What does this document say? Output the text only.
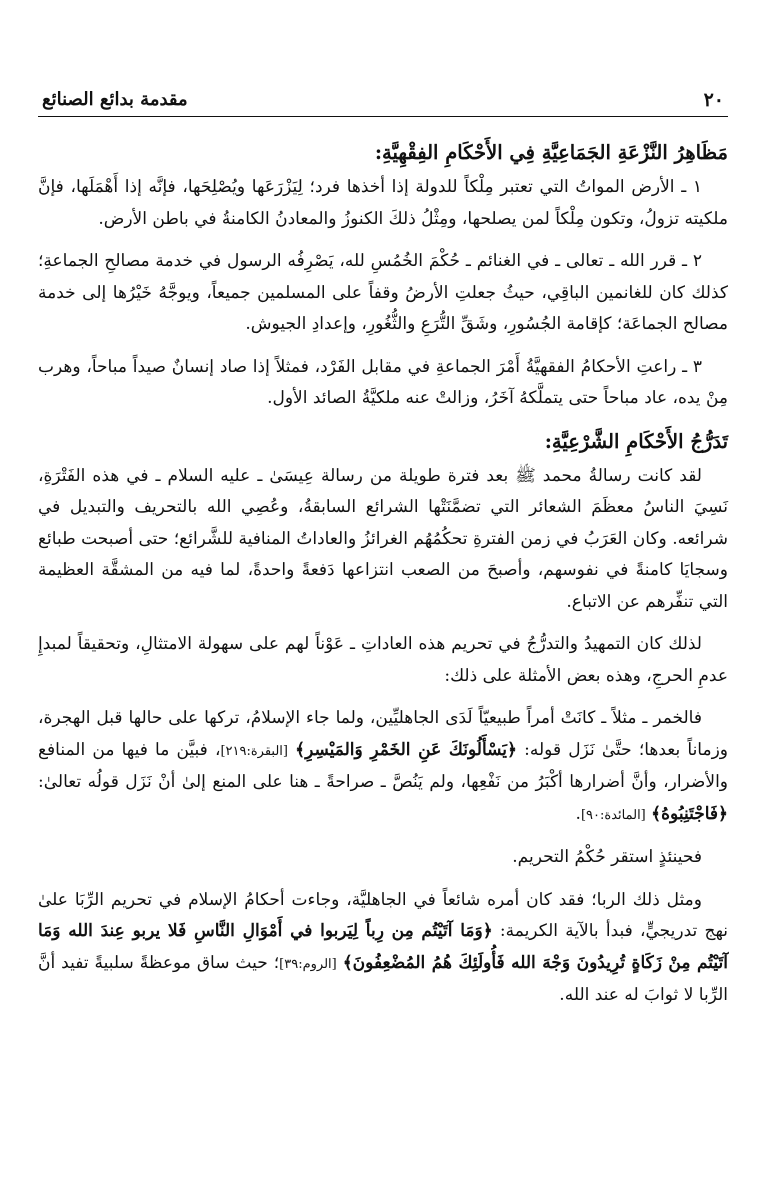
٢٠
مقدمة بدائع الصنائع
مَظَاهِرُ النَّزْعَةِ الجَمَاعِيَّةِ فِي الأَحْكَامِ الفِقْهِيَّةِ:

١ ـ الأرض المواتُ التي تعتبر مِلْكاً للدولة إذا أخذها فرد؛ لِيَزْرَعَها ويُصْلِحَها، فإنَّه إذا أَهْمَلَها، فإنَّ ملكيته تزولُ، وتكون مِلْكاً لمن يصلحها، ومِثْلُ ذلكَ الكنوزُ والمعادنُ الكامنةُ في باطن الأرض.

٢ ـ قرر الله ـ تعالى ـ في الغنائم ـ حُكْمَ الخُمُسِ لله، يَصْرِفُه الرسول في خدمة مصالحِ الجماعةِ؛ كذلك كان للغانمين الباقِي، حيثُ جعلتِ الأرضُ وقفاً على المسلمين جميعاً، ويوجَّهُ خَيْرُها إلى خدمة مصالح الجماعَة؛ كإقامة الجُسُورِ، وشَقِّ التُّرَعِ والثُّغُورِ، وإعدادِ الجيوش.

٣ ـ راعتِ الأحكامُ الفقهيَّةُ أَمْرَ الجماعةِ في مقابل الفَرْد، فمثلاً إذا صاد إنسانٌ صيداً مباحاً، وهرب مِنْ يده، عاد مباحاً حتى يتملَّكهُ آخَرُ، وزالتْ عنه ملكيَّةُ الصائد الأول.

تَدَرُّجُ الأَحْكَامِ الشَّرْعِيَّةِ:

لقد كانت رسالةُ محمد ﷺ بعد فترة طويلة من رسالة عِيسَىٰ ـ عليه السلام ـ في هذه الفَتْرَةِ، نَسِيَ الناسُ معظَمَ الشعائر التي تضمَّنَتْها الشرائع السابقةُ، وعُصِي الله بالتحريف والتبديل في شرائعه. وكان العَرَبُ في زمن الفترةِ تحكُمُهُم الغرائزُ والعاداتُ المنافية للشَّرائع؛ حتى أصبحت طبائع وسجايَا كامنةً في نفوسهم، وأصبحَ من الصعب انتزاعها دَفعةً واحدةً، لما فيه من المشقَّة العظيمة التي تنفِّرهم عن الاتباع.

لذلك كان التمهيدُ والتدرُّجُ في تحريم هذه العاداتِ ـ عَوْناً لهم على سهولة الامتثالِ، وتحقيقاً لمبدإِ عدمِ الحرجِ، وهذه بعض الأمثلة على ذلك:

فالخمر ـ مثلاً ـ كانَتْ أمراً طبيعيّاً لَدَى الجاهليِّين، ولما جاء الإسلامُ، تركها على حالها قبل الهجرة، وزماناً بعدها؛ حتَّىٰ نَزَل قوله: ﴿يَسْأَلُونَكَ عَنِ الخَمْرِ وَالمَيْسِرِ﴾ [البقرة:٢١٩]، فبيَّن ما فيها من المنافع والأضرار، وأنَّ أضرارها أكْبَرُ من نَفْعِها، ولم يَنُصَّ ـ صراحةً ـ هنا على المنع إلىٰ أنْ نَزَل قولُه تعالىٰ: ﴿فَاجْتَنِبُوهُ﴾ [المائدة:٩٠].

فحينئذٍ استقر حُكْمُ التحريم.

ومثل ذلك الربا؛ فقد كان أمره شائعاً في الجاهليَّة، وجاءت أحكامُ الإسلام في تحريم الرِّبَا علىٰ نهج تدريجيٍّ، فبدأ بالآية الكريمة: ﴿وَمَا آتَيْتُم مِن رِباً لِيَربوا في أَمْوَالِ النَّاسِ فَلا يربو عِندَ الله وَمَا آتَيْتُم مِنْ زَكَاةٍ تُرِيدُونَ وَجْهَ الله فَأُولَئِكَ هُمُ المُضْعِفُونَ﴾ [الروم:٣٩]؛ حيث ساق موعظةً سلبيةً تفيد أنَّ الرِّبا لا ثوابَ له عند الله.
